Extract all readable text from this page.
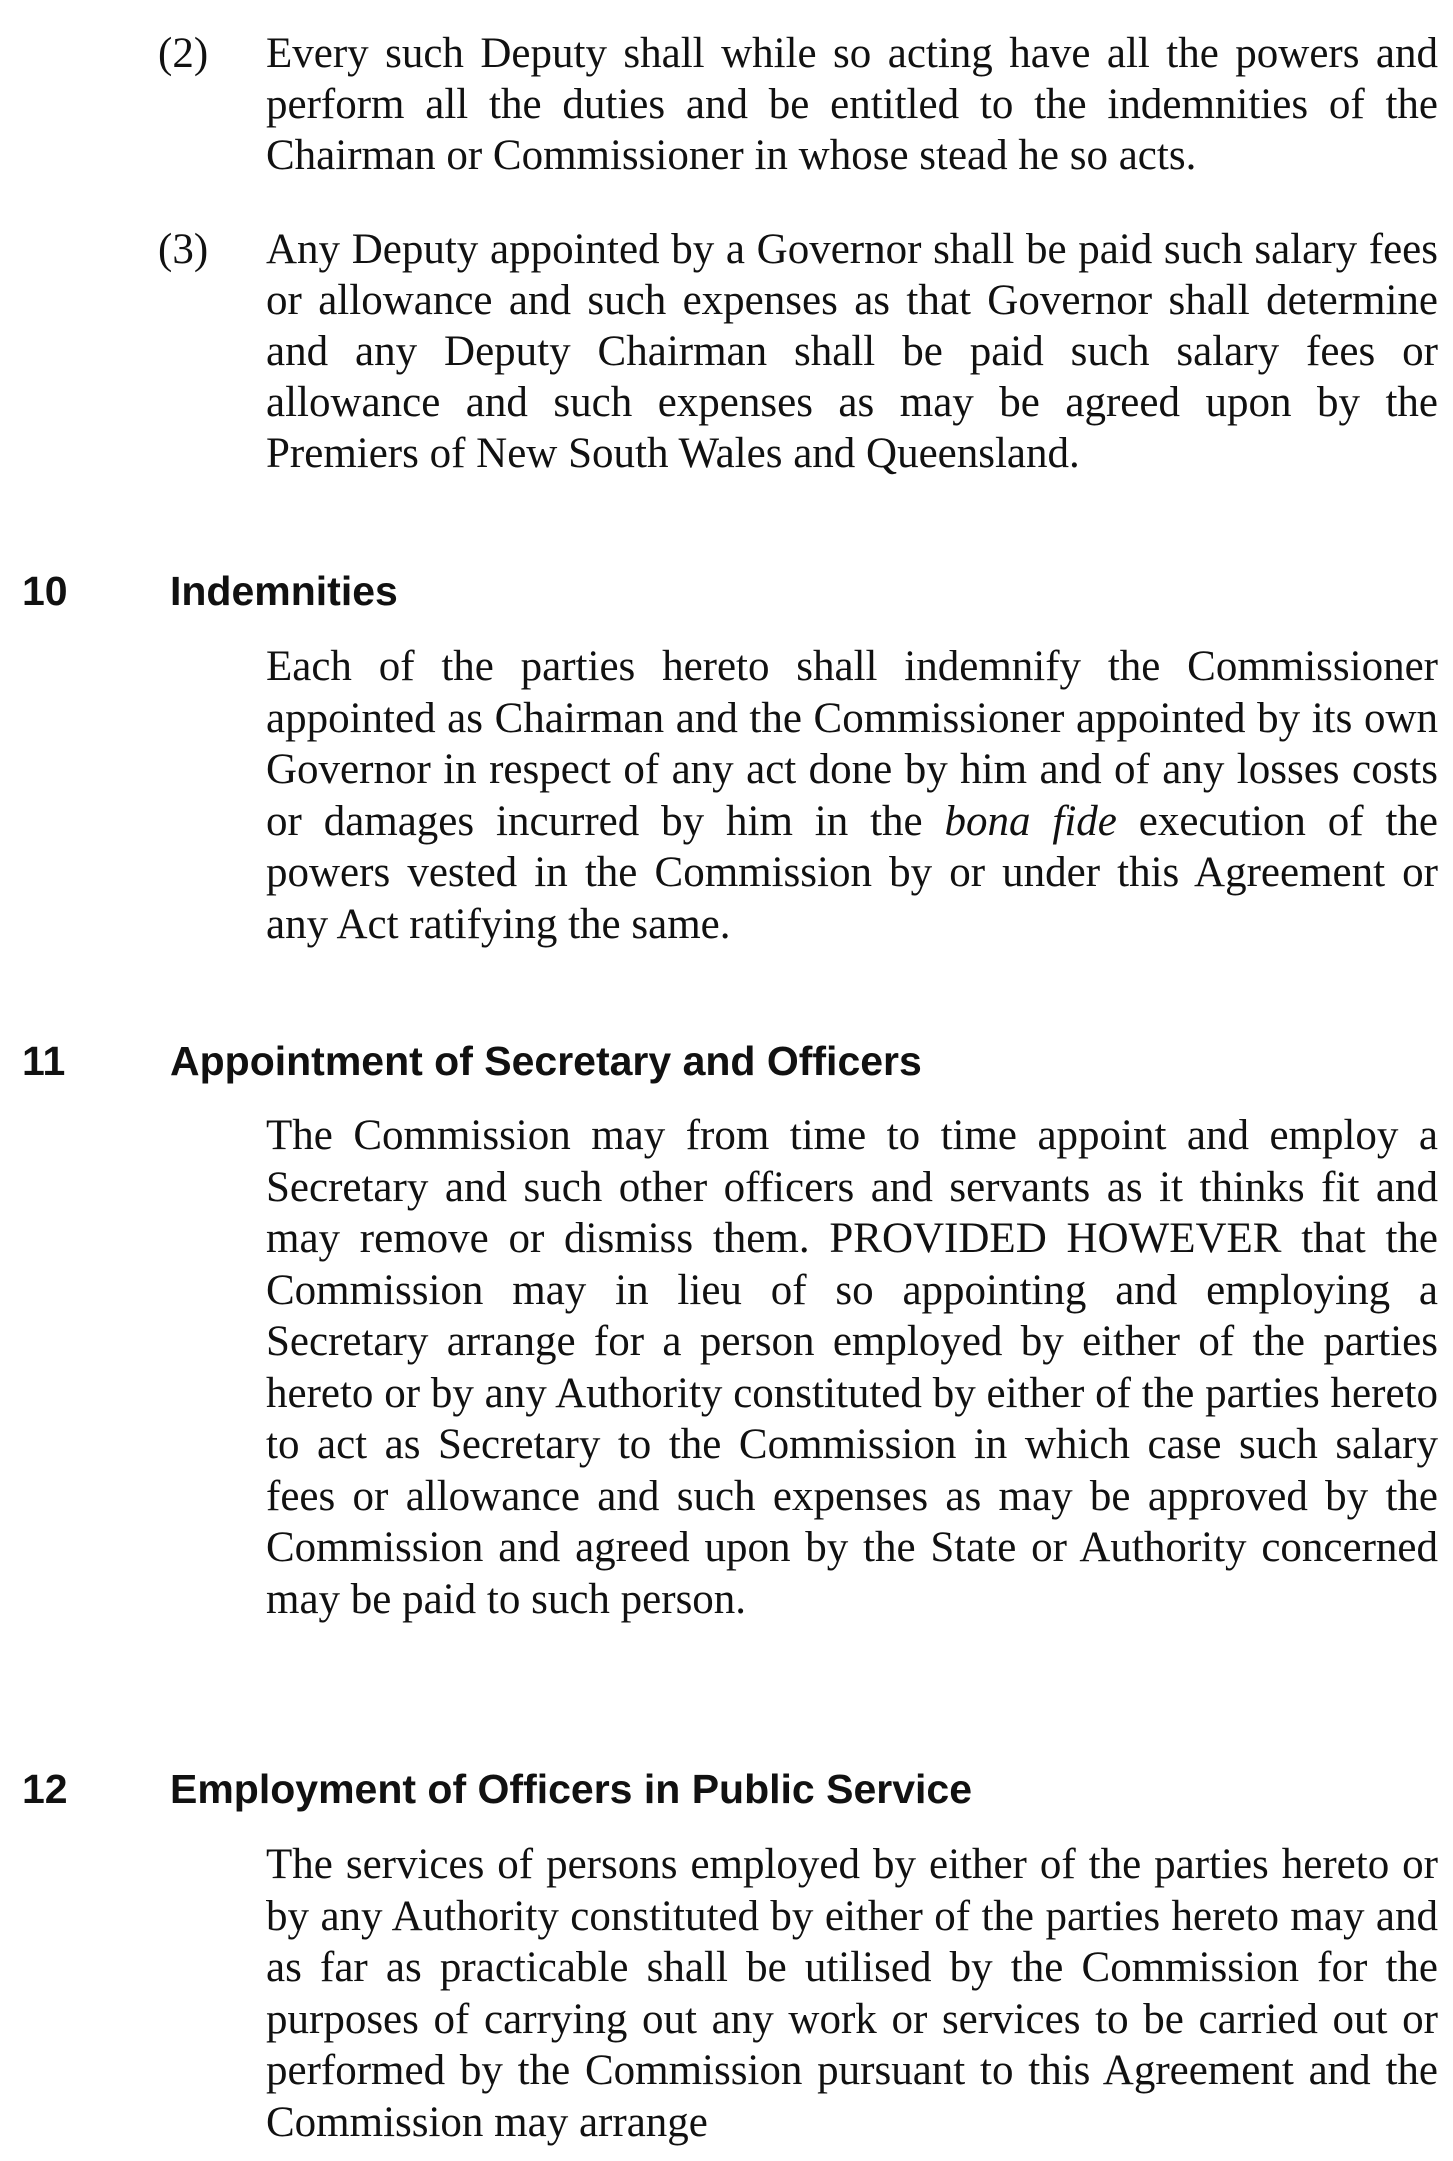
(2)	Every such Deputy shall while so acting have all the powers and perform all the duties and be entitled to the indemnities of the Chairman or Commissioner in whose stead he so acts.
(3)	Any Deputy appointed by a Governor shall be paid such salary fees or allowance and such expenses as that Governor shall determine and any Deputy Chairman shall be paid such salary fees or allowance and such expenses as may be agreed upon by the Premiers of New South Wales and Queensland.
10	Indemnities
Each of the parties hereto shall indemnify the Commissioner appointed as Chairman and the Commissioner appointed by its own Governor in respect of any act done by him and of any losses costs or damages incurred by him in the bona fide execution of the powers vested in the Commission by or under this Agreement or any Act ratifying the same.
11	Appointment of Secretary and Officers
The Commission may from time to time appoint and employ a Secretary and such other officers and servants as it thinks fit and may remove or dismiss them. PROVIDED HOWEVER that the Commission may in lieu of so appointing and employing a Secretary arrange for a person employed by either of the parties hereto or by any Authority constituted by either of the parties hereto to act as Secretary to the Commission in which case such salary fees or allowance and such expenses as may be approved by the Commission and agreed upon by the State or Authority concerned may be paid to such person.
12	Employment of Officers in Public Service
The services of persons employed by either of the parties hereto or by any Authority constituted by either of the parties hereto may and as far as practicable shall be utilised by the Commission for the purposes of carrying out any work or services to be carried out or performed by the Commission pursuant to this Agreement and the Commission may arrange
